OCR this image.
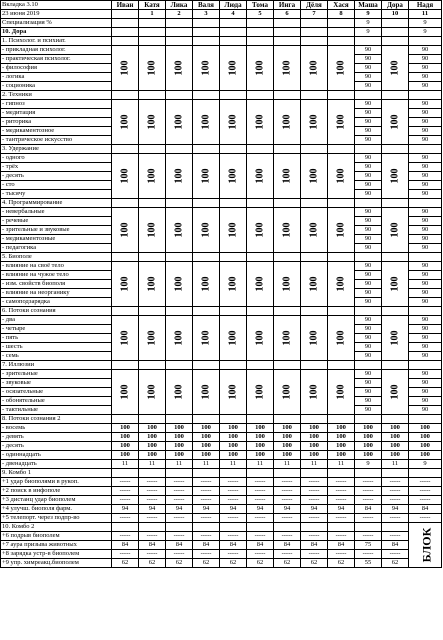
Вкладка 3.10	Иван	Катя	Лика	Валя	Люда	Тома	Инга	Дёля	Хася	Маша	Дора	Надя
23 июня 2019		1	2	3	4	5	6	7	8	9	10	11
Специализация %										9		9
10. Дора										9		9
1. Психолог. и психиат.												
- прикладная психолог.	100	100	100	100	100	100	100	100	100	90	100	90
- практическая психолог.										90		90
- философия										90		90
- логика										90		90
- соционика										90		90
2. Техники												
- гипноз	100	100	100	100	100	100	100	100	100	90	100	90
- медитация										90		90
- риторика										90		90
- медикаментозное										90		90
- тантрическое искусство										90		90
3. Удержание												
- одного	100	100	100	100	100	100	100	100	100	90	100	90
- трёх										90		90
- десять										90		90
- сто										90		90
- тысячу										90		90
4. Программирование												
- невербальные	100	100	100	100	100	100	100	100	100	90	100	90
- речевые										90		90
- зрительные и звуковые										90		90
- медикаментозные										90		90
- педагогика										90		90
5. Биополе												
- влияние на своё тело	100	100	100	100	100	100	100	100	100	90	100	90
- влияние на чужое тело										90		90
- изм. свойств биополя										90		90
- влияние на неорганику										90		90
- самоподзарядка										90		90
6. Потоки сознания												
- два	100	100	100	100	100	100	100	100	100	90	100	90
- четыре										90		90
- пять										90		90
- шесть										90		90
- семь										90		90
7. Иллюзии												
- зрительные	100	100	100	100	100	100	100	100	100	90	100	90
- звуковые										90		90
- осязательные										90		90
- обонятельные										90		90
- тактильные										90		90
8. Потоки сознания 2												
- восемь	100	100	100	100	100	100	100	100	100	100	100	100
- девять	100	100	100	100	100	100	100	100	100	100	100	100
- десять	100	100	100	100	100	100	100	100	100	100	100	100
- одиннадцать	100	100	100	100	100	100	100	100	100	100	100	100
- двенадцать	11	11	11	11	11	11	11	11	11	9	11	9
9. Комбо 1												
+1 удар биополями в рукоп.	-----	-----	-----	-----	-----	-----	-----	-----	-----	-----	-----	-----
+2 поиск в инфополе	-----	-----	-----	-----	-----	-----	-----	-----	-----	-----	-----	-----
+3 дистанц удар биополем	-----	-----	-----	-----	-----	-----	-----	-----	-----	-----	-----	-----
+4 улучш. биополя фарм.	94	94	94	94	94	94	94	94	94	84	94	84
+5 телепорт. через подпр-во	-----	-----	-----	-----	-----	-----	-----	-----	-----	-----	-----	-----
10. Комбо 2												БЛОК
+6 подрыв биополем	-----	-----	-----	-----	-----	-----	-----	-----	-----	-----	-----	
+7 аура призыва животных	84	84	84	84	84	84	84	84	84	75	84	
+8 зарядка устр-в биополем	-----	-----	-----	-----	-----	-----	-----	-----	-----	-----	-----	
+9 упр. химреакц.биополем	62	62	62	62	62	62	62	62	62	55	62	
